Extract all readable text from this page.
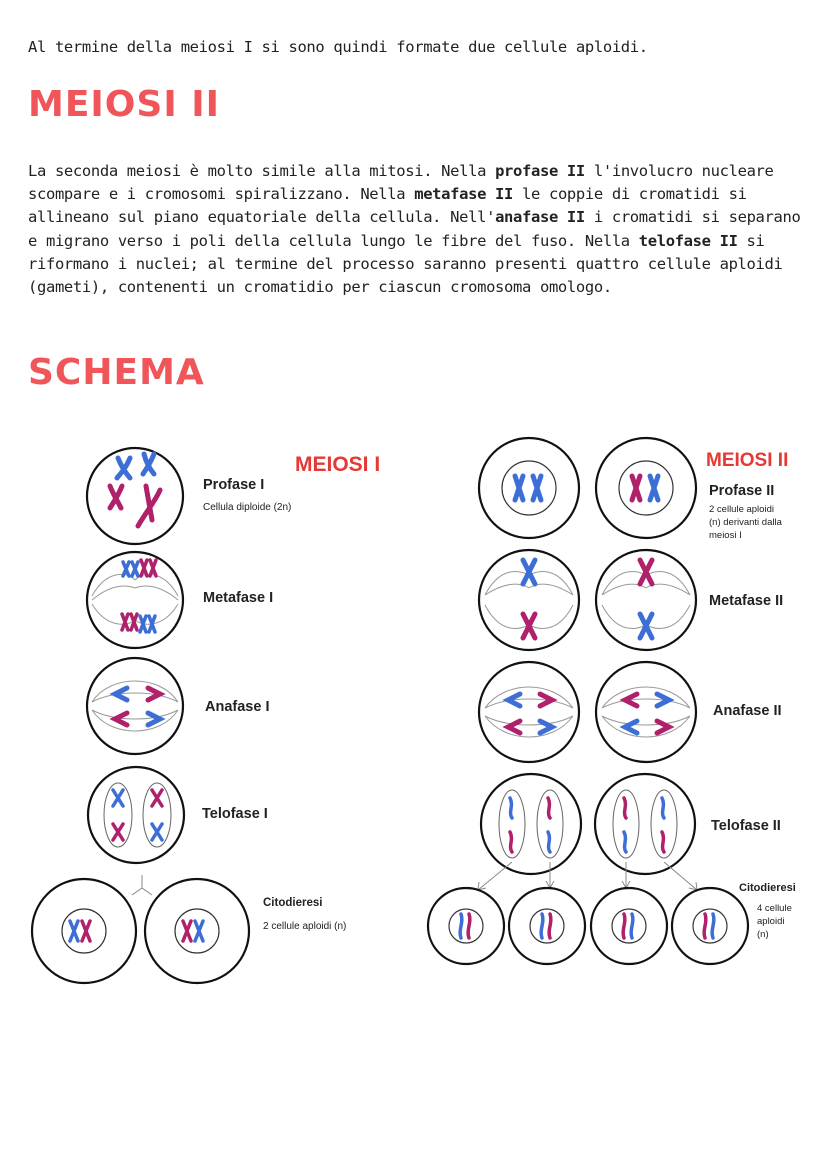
Al termine della meiosi I si sono quindi formate due cellule aploidi.

MEIOSI II

La seconda meiosi è molto simile alla mitosi. Nella profase II l'involucro nucleare scompare e i cromosomi spiralizzano. Nella metafase II le coppie di cromatidi si allineano sul piano equatoriale della cellula. Nell'anafase II i cromatidi si separano e migrano verso i poli della cellula lungo le fibre del fuso. Nella telofase II si riformano i nuclei; al termine del processo saranno presenti quattro cellule aploidi (gameti), contenenti un cromatidio per ciascun cromosoma omologo.

SCHEMA
MEIOSI I
Profase I
Cellula diploide (2n)
Metafase I
Anafase I
Telofase I
Citodieresi
2 cellule aploidi (n)
MEIOSI II
Profase II
2 cellule aploidi
(n) derivanti dalla
meiosi I
Metafase II
Anafase II
Telofase II
Citodieresi
4 cellule
aploidi
(n)
